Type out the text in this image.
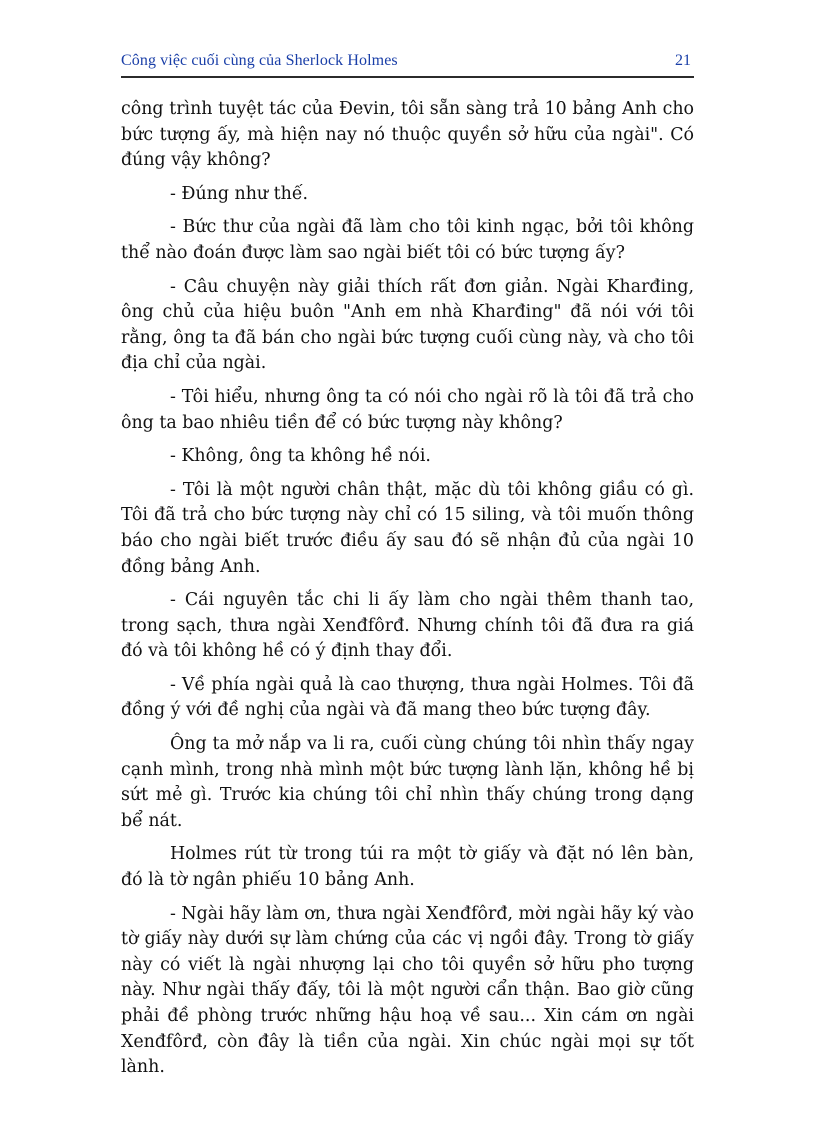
Công việc cuối cùng của Sherlock Holmes	21

công trình tuyệt tác của Đevin, tôi sẵn sàng trả 10 bảng Anh cho bức tượng ấy, mà hiện nay nó thuộc quyền sở hữu của ngài". Có đúng vậy không?

- Đúng như thế.

- Bức thư của ngài đã làm cho tôi kinh ngạc, bởi tôi không thể nào đoán được làm sao ngài biết tôi có bức tượng ấy?

- Câu chuyện này giải thích rất đơn giản. Ngài Kharđing, ông chủ của hiệu buôn "Anh em nhà Kharđing" đã nói với tôi rằng, ông ta đã bán cho ngài bức tượng cuối cùng này, và cho tôi địa chỉ của ngài.

- Tôi hiểu, nhưng ông ta có nói cho ngài rõ là tôi đã trả cho ông ta bao nhiêu tiền để có bức tượng này không?

- Không, ông ta không hề nói.

- Tôi là một người chân thật, mặc dù tôi không giầu có gì. Tôi đã trả cho bức tượng này chỉ có 15 siling, và tôi muốn thông báo cho ngài biết trước điều ấy sau đó sẽ nhận đủ của ngài 10 đồng bảng Anh.

- Cái nguyên tắc chi li ấy làm cho ngài thêm thanh tao, trong sạch, thưa ngài Xenđfôrđ. Nhưng chính tôi đã đưa ra giá đó và tôi không hề có ý định thay đổi.

- Về phía ngài quả là cao thượng, thưa ngài Holmes. Tôi đã đồng ý với đề nghị của ngài và đã mang theo bức tượng đây.

Ông ta mở nắp va li ra, cuối cùng chúng tôi nhìn thấy ngay cạnh mình, trong nhà mình một bức tượng lành lặn, không hề bị sứt mẻ gì. Trước kia chúng tôi chỉ nhìn thấy chúng trong dạng bể nát.

Holmes rút từ trong túi ra một tờ giấy và đặt nó lên bàn, đó là tờ ngân phiếu 10 bảng Anh.

- Ngài hãy làm ơn, thưa ngài Xenđfôrđ, mời ngài hãy ký vào tờ giấy này dưới sự làm chứng của các vị ngồi đây. Trong tờ giấy này có viết là ngài nhượng lại cho tôi quyền sở hữu pho tượng này. Như ngài thấy đấy, tôi là một người cẩn thận. Bao giờ cũng phải đề phòng trước những hậu hoạ về sau... Xin cám ơn ngài Xenđfôrđ, còn đây là tiền của ngài. Xin chúc ngài mọi sự tốt lành.
